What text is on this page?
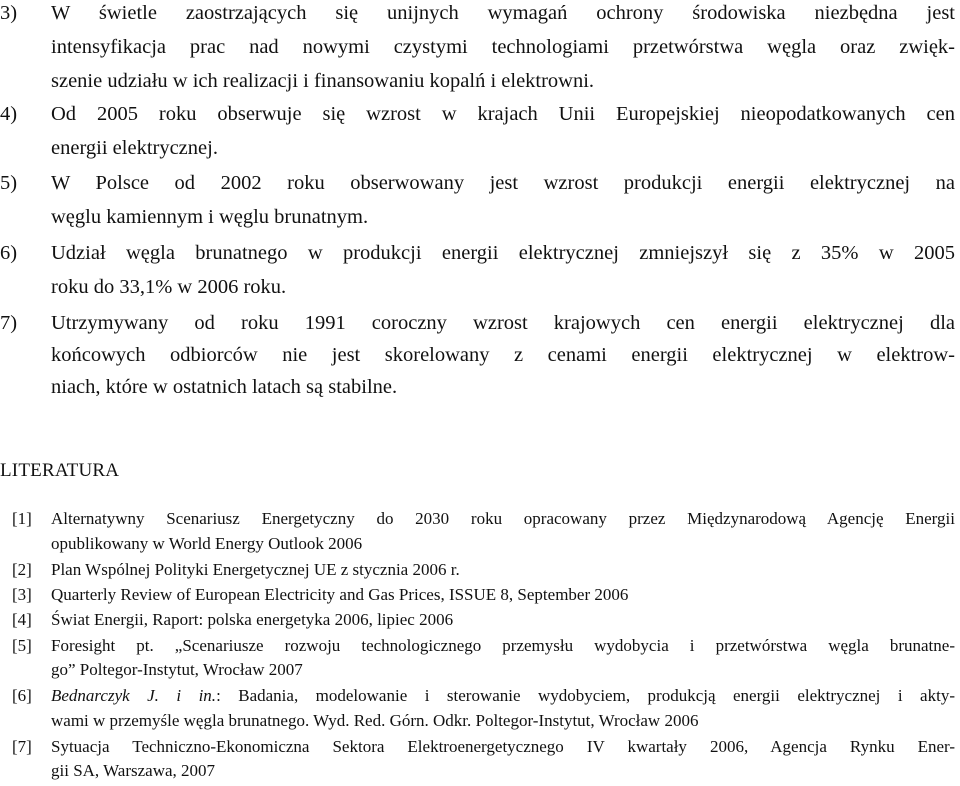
3) W świetle zaostrzających się unijnych wymagań ochrony środowiska niezbędna jest
intensyfikacja prac nad nowymi czystymi technologiami przetwórstwa węgla oraz zwięk-
szenie udziału w ich realizacji i finansowaniu kopalń i elektrowni.
4) Od 2005 roku obserwuje się wzrost w krajach Unii Europejskiej nieopodatkowanych cen
energii elektrycznej.
5) W Polsce od 2002 roku obserwowany jest wzrost produkcji energii elektrycznej na
węglu kamiennym i węglu brunatnym.
6) Udział węgla brunatnego w produkcji energii elektrycznej zmniejszył się z 35% w 2005
roku do 33,1% w 2006 roku.
7) Utrzymywany od roku 1991 coroczny wzrost krajowych cen energii elektrycznej dla
końcowych odbiorców nie jest skorelowany z cenami energii elektrycznej w elektrow-
niach, które w ostatnich latach są stabilne.
LITERATURA
[1] Alternatywny Scenariusz Energetyczny do 2030 roku opracowany przez Międzynarodową Agencję Energii
opublikowany w World Energy Outlook 2006
[2] Plan Wspólnej Polityki Energetycznej UE z stycznia 2006 r.
[3] Quarterly Review of European Electricity and Gas Prices, ISSUE 8, September 2006
[4] Świat Energii, Raport: polska energetyka 2006, lipiec 2006
[5] Foresight pt. „Scenariusze rozwoju technologicznego przemysłu wydobycia i przetwórstwa węgla brunatne-
go” Poltegor-Instytut, Wrocław 2007
[6] Bednarczyk J. i in.: Badania, modelowanie i sterowanie wydobyciem, produkcją energii elektrycznej i akty-
wami w przemyśle węgla brunatnego. Wyd. Red. Górn. Odkr. Poltegor-Instytut, Wrocław 2006
[7] Sytuacja Techniczno-Ekonomiczna Sektora Elektroenergetycznego IV kwartały 2006, Agencja Rynku Ener-
gii SA, Warszawa, 2007
